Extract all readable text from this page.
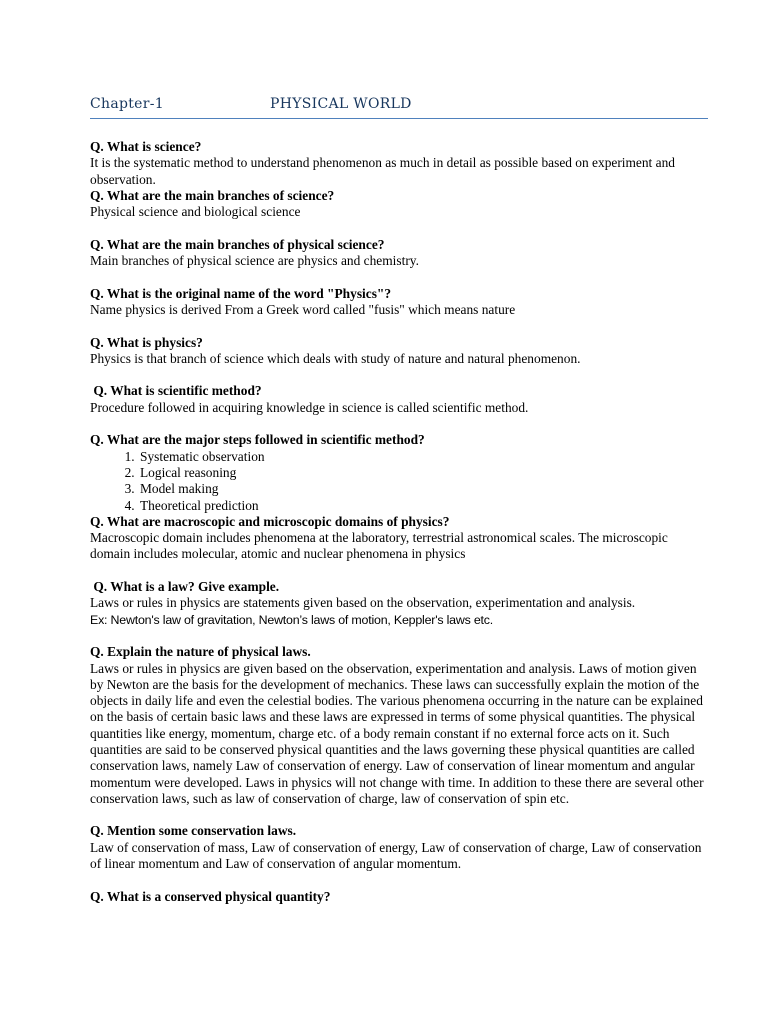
Chapter-1	PHYSICAL WORLD

Q. What is science?

It is the systematic method to understand phenomenon as much in detail as possible based on experiment and observation.

Q. What are the main branches of science?

Physical science and biological science

Q. What are the main branches of physical science?

Main branches of physical science are physics and chemistry.

Q. What is the original name of the word "Physics"?

Name physics is derived From a Greek word called "fusis" which means nature

Q. What is physics?

Physics is that branch of science which deals with study of nature and natural phenomenon.

Q. What is scientific method?

Procedure followed in acquiring knowledge in science is called scientific method.

Q. What are the major steps followed in scientific method?

1. Systematic observation
2. Logical reasoning
3. Model making
4. Theoretical prediction

Q. What are macroscopic and microscopic domains of physics?

Macroscopic domain includes phenomena at the laboratory, terrestrial astronomical scales. The microscopic domain includes molecular, atomic and nuclear phenomena in physics

Q. What is a law? Give example.

Laws or rules in physics are statements given based on the observation, experimentation and analysis.

Ex: Newton's law of gravitation, Newton’s laws of motion, Keppler's laws etc.

Q. Explain the nature of physical laws.

Laws or rules in physics are given based on the observation, experimentation and analysis. Laws of motion given by Newton are the basis for the development of mechanics. These laws can successfully explain the motion of the objects in daily life and even the celestial bodies. The various phenomena occurring in the nature can be explained on the basis of certain basic laws and these laws are expressed in terms of some physical quantities. The physical quantities like energy, momentum, charge etc. of a body remain constant if no external force acts on it. Such quantities are said to be conserved physical quantities and the laws governing these physical quantities are called conservation laws, namely Law of conservation of energy. Law of conservation of linear momentum and angular momentum were developed. Laws in physics will not change with time. In addition to these there are several other conservation laws, such as law of conservation of charge, law of conservation of spin etc.

Q. Mention some conservation laws.

Law of conservation of mass, Law of conservation of energy, Law of conservation of charge, Law of conservation of linear momentum and Law of conservation of angular momentum.

Q. What is a conserved physical quantity?
